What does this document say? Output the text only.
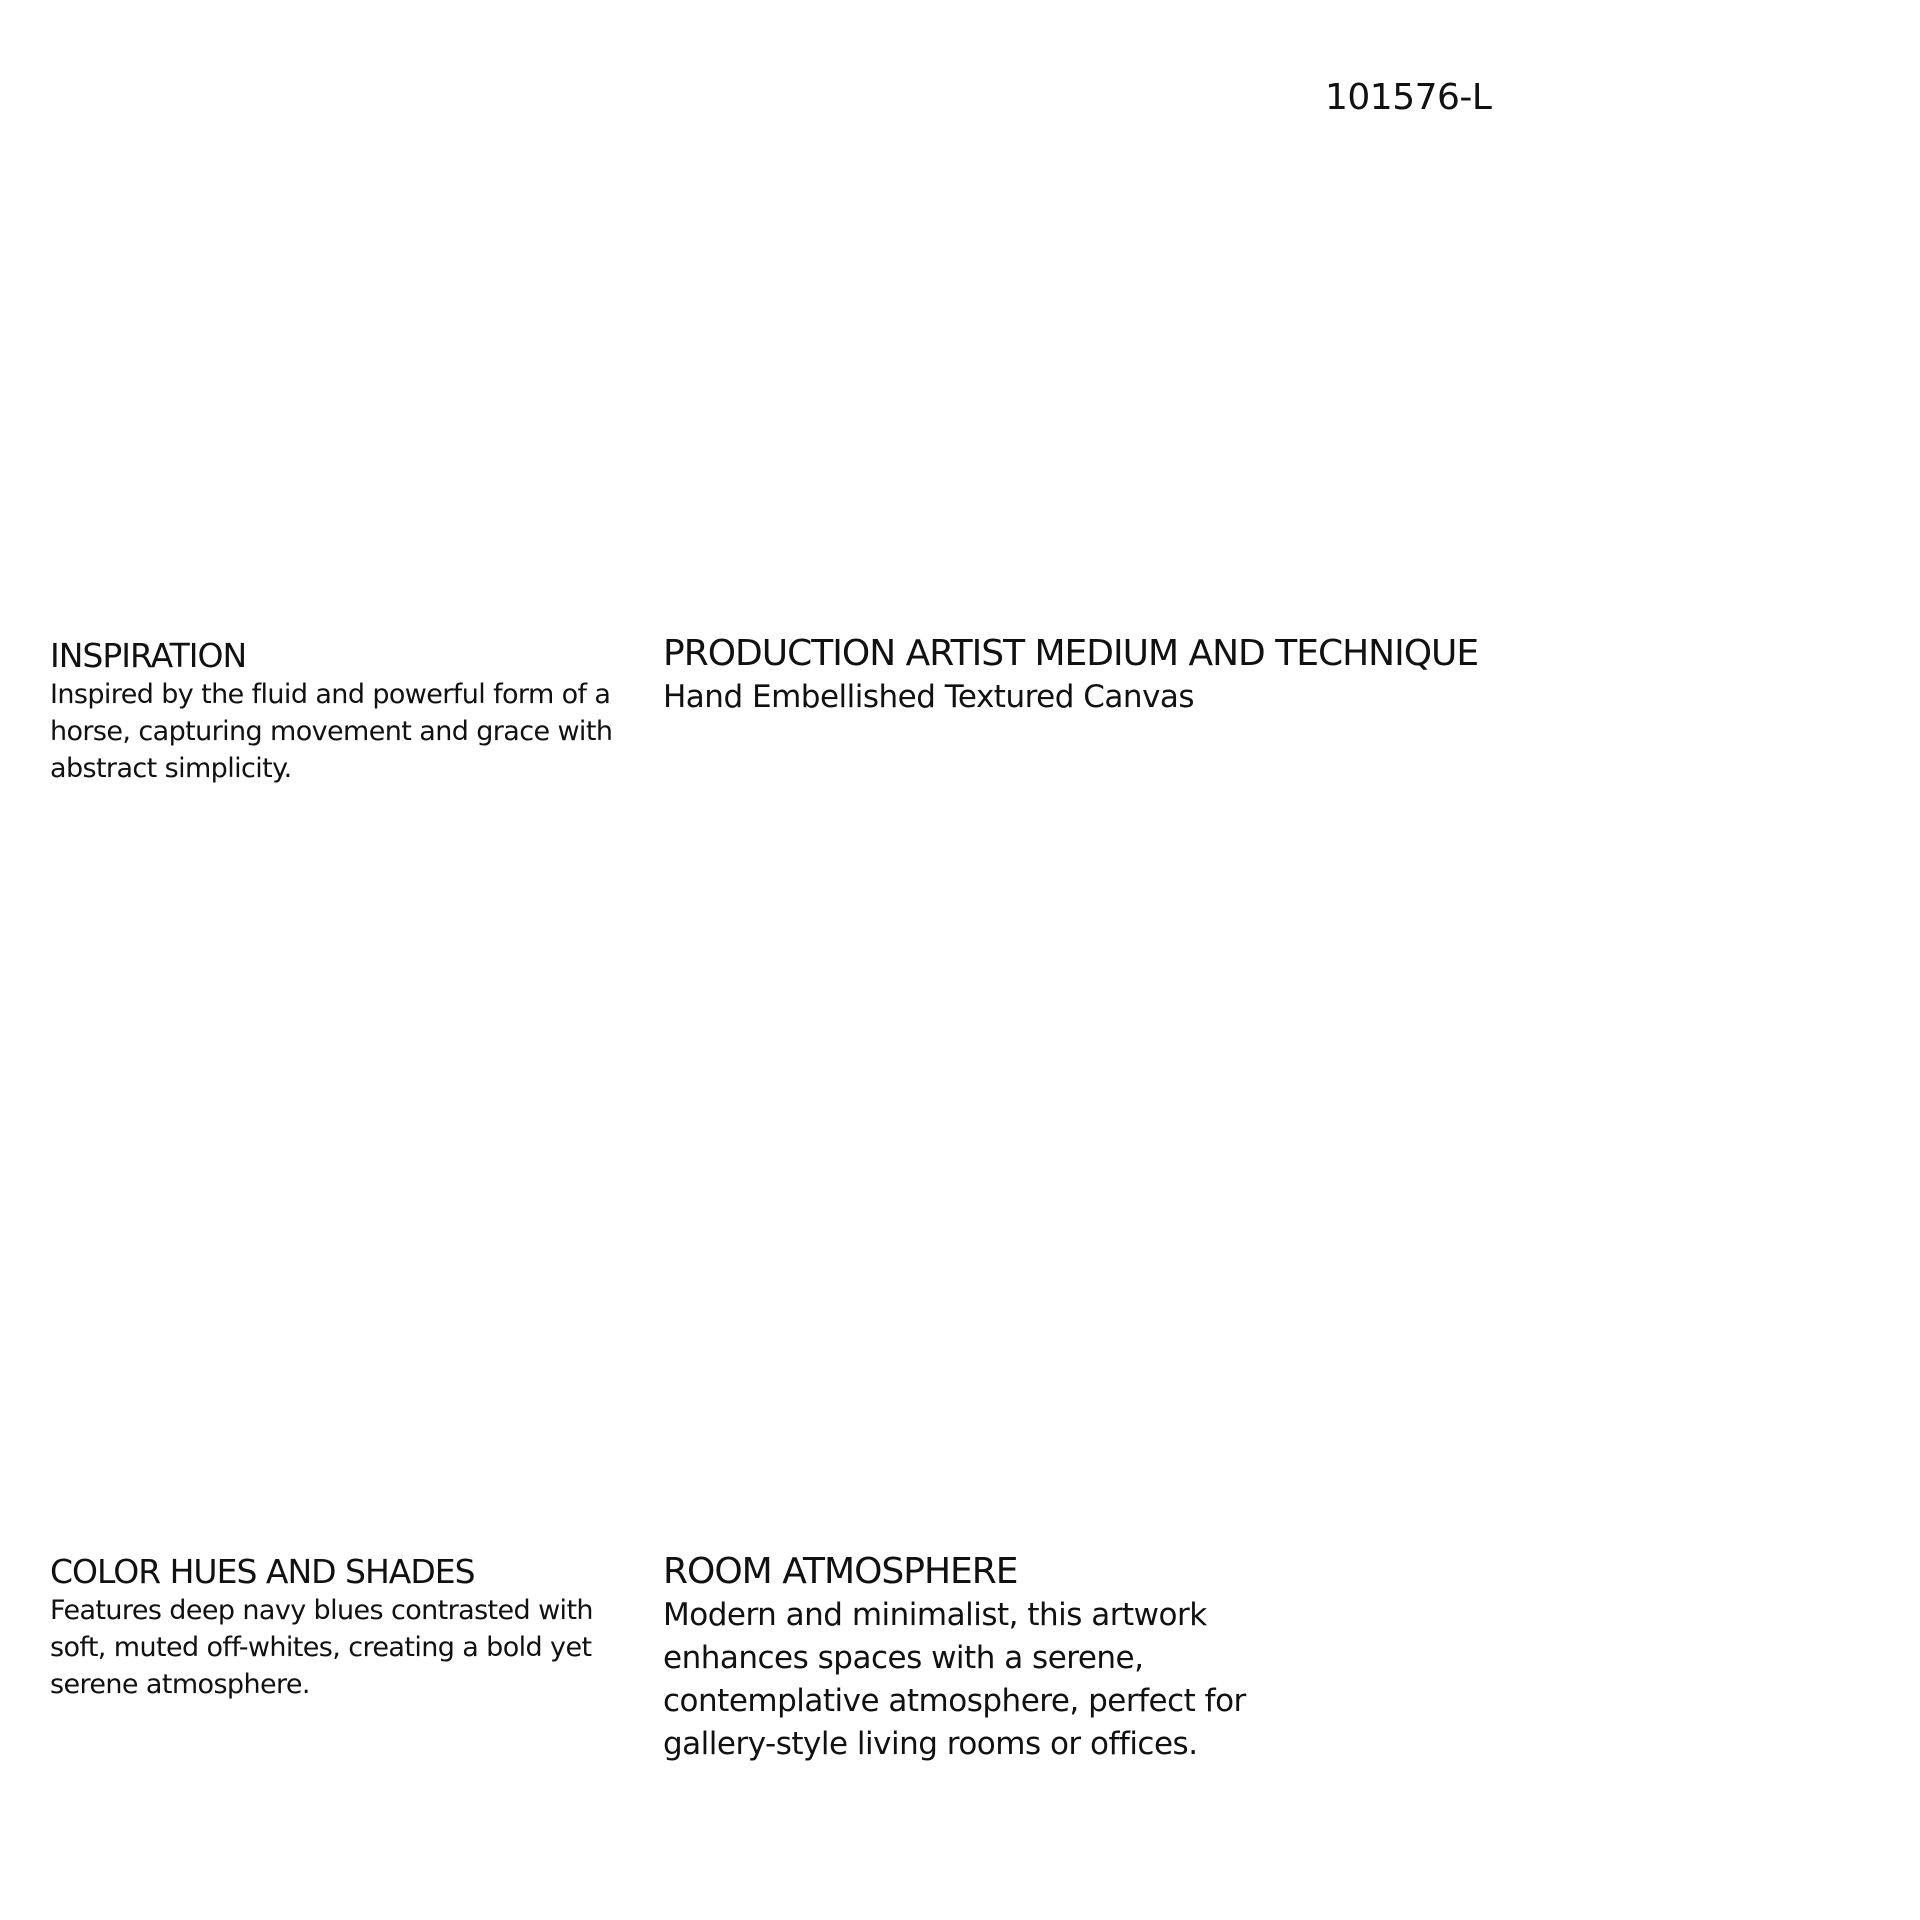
101576-L
INSPIRATION

Inspired by the fluid and powerful form of a horse, capturing movement and grace with abstract simplicity.

PRODUCTION ARTIST MEDIUM AND TECHNIQUE

Hand Embellished Textured Canvas

COLOR HUES AND SHADES

Features deep navy blues contrasted with soft, muted off-whites, creating a bold yet serene atmosphere.

ROOM ATMOSPHERE

Modern and minimalist, this artwork enhances spaces with a serene, contemplative atmosphere, perfect for gallery-style living rooms or offices.
